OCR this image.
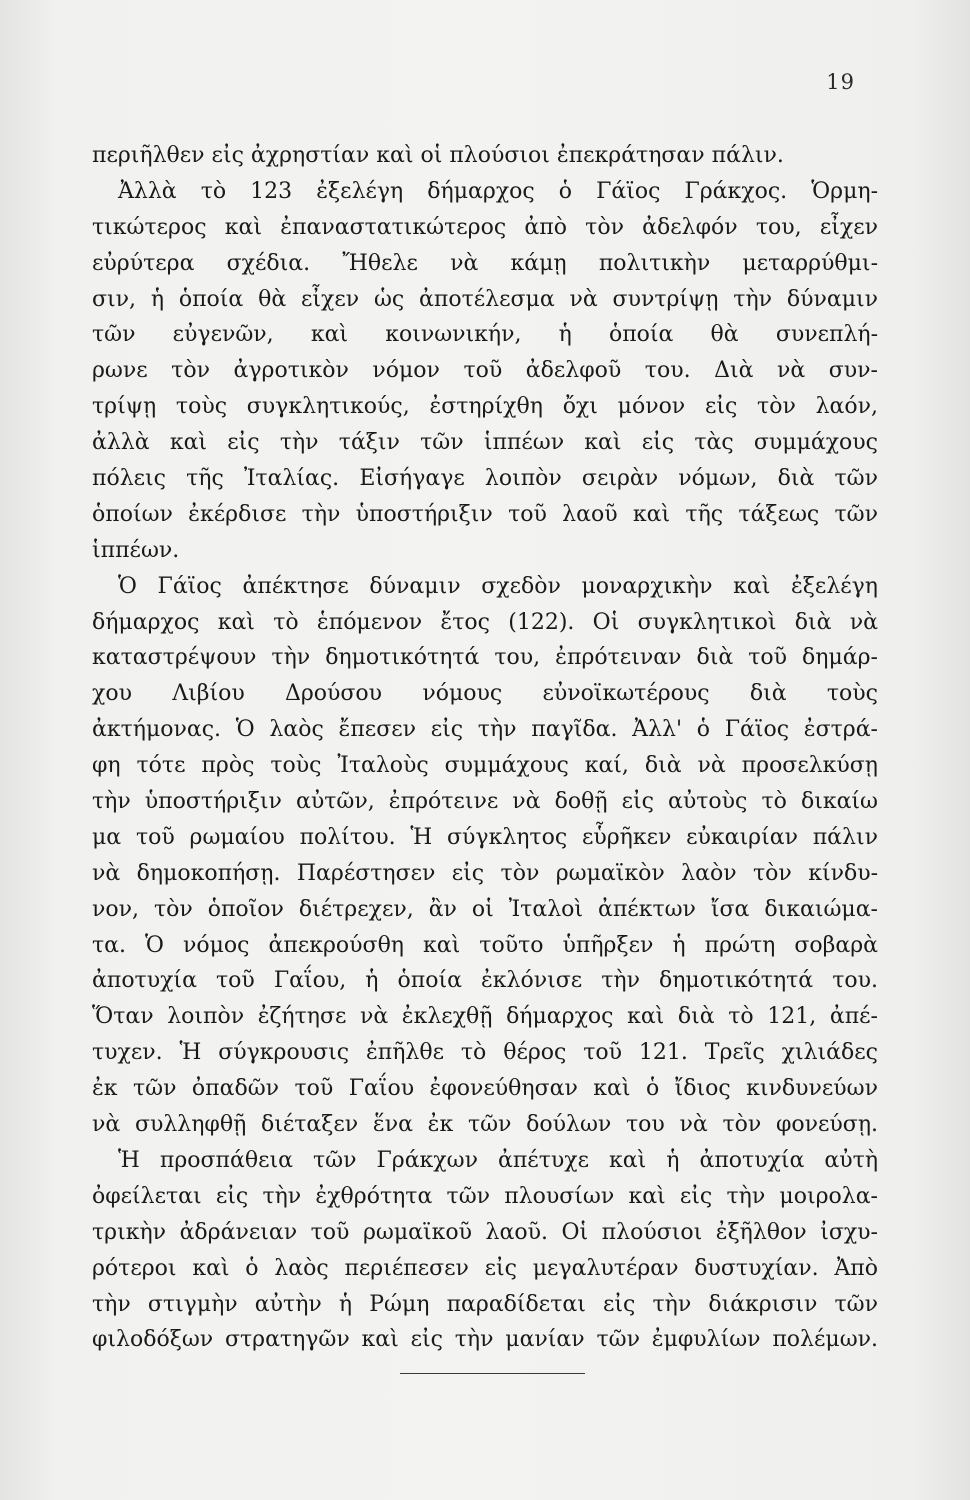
19
περιῆλθεν εἰς ἀχρηστίαν καὶ οἱ πλούσιοι ἐπεκράτησαν πάλιν.
Ἀλλὰ τὸ 123 ἐξελέγη δήμαρχος ὁ Γάϊος Γράκχος. Ὁρμη-
τικώτερος καὶ ἐπαναστατικώτερος ἀπὸ τὸν ἀδελφόν του, εἶχεν
εὐρύτερα σχέδια. Ἤθελε νὰ κάμῃ πολιτικὴν μεταρρύθμι-
σιν, ἡ ὁποία θὰ εἶχεν ὡς ἀποτέλεσμα νὰ συντρίψῃ τὴν δύναμιν
τῶν εὐγενῶν, καὶ κοινωνικήν, ἡ ὁποία θὰ συνεπλή-
ρωνε τὸν ἀγροτικὸν νόμον τοῦ ἀδελφοῦ του. Διὰ νὰ συν-
τρίψῃ τοὺς συγκλητικούς, ἐστηρίχθη ὄχι μόνον εἰς τὸν λαόν,
ἀλλὰ καὶ εἰς τὴν τάξιν τῶν ἱππέων καὶ εἰς τὰς συμμάχους
πόλεις τῆς Ἰταλίας. Εἰσήγαγε λοιπὸν σειρὰν νόμων, διὰ τῶν
ὁποίων ἐκέρδισε τὴν ὑποστήριξιν τοῦ λαοῦ καὶ τῆς τάξεως τῶν
ἱππέων.
Ὁ Γάϊος ἀπέκτησε δύναμιν σχεδὸν μοναρχικὴν καὶ ἐξελέγη
δήμαρχος καὶ τὸ ἑπόμενον ἔτος (122). Οἱ συγκλητικοὶ διὰ νὰ
καταστρέψουν τὴν δημοτικότητά του, ἐπρότειναν διὰ τοῦ δημάρ-
χου Λιβίου Δρούσου νόμους εὐνοϊκωτέρους διὰ τοὺς
ἀκτήμονας. Ὁ λαὸς ἔπεσεν εἰς τὴν παγῖδα. Ἀλλ' ὁ Γάϊος ἐστρά-
φη τότε πρὸς τοὺς Ἰταλοὺς συμμάχους καί, διὰ νὰ προσελκύσῃ
τὴν ὑποστήριξιν αὐτῶν, ἐπρότεινε νὰ δοθῇ εἰς αὐτοὺς τὸ δικαίω
μα τοῦ ρωμαίου πολίτου. Ἡ σύγκλητος εὗρῆκεν εὐκαιρίαν πάλιν
νὰ δημοκοπήσῃ. Παρέστησεν εἰς τὸν ρωμαϊκὸν λαὸν τὸν κίνδυ-
νον, τὸν ὁποῖον διέτρεχεν, ἂν οἱ Ἰταλοὶ ἀπέκτων ἴσα δικαιώμα-
τα. Ὁ νόμος ἀπεκρούσθη καὶ τοῦτο ὑπῆρξεν ἡ πρώτη σοβαρὰ
ἀποτυχία τοῦ Γαΐου, ἡ ὁποία ἐκλόνισε τὴν δημοτικότητά του.
Ὅταν λοιπὸν ἐζήτησε νὰ ἐκλεχθῇ δήμαρχος καὶ διὰ τὸ 121, ἀπέ-
τυχεν. Ἡ σύγκρουσις ἐπῆλθε τὸ θέρος τοῦ 121. Τρεῖς χιλιάδες
ἐκ τῶν ὀπαδῶν τοῦ Γαΐου ἐφονεύθησαν καὶ ὁ ἴδιος κινδυνεύων
νὰ συλληφθῇ διέταξεν ἕνα ἐκ τῶν δούλων του νὰ τὸν φονεύσῃ.
Ἡ προσπάθεια τῶν Γράκχων ἀπέτυχε καὶ ἡ ἀποτυχία αὐτὴ
ὀφείλεται εἰς τὴν ἐχθρότητα τῶν πλουσίων καὶ εἰς τὴν μοιρολα-
τρικὴν ἀδράνειαν τοῦ ρωμαϊκοῦ λαοῦ. Οἱ πλούσιοι ἐξῆλθον ἰσχυ-
ρότεροι καὶ ὁ λαὸς περιέπεσεν εἰς μεγαλυτέραν δυστυχίαν. Ἀπὸ
τὴν στιγμὴν αὐτὴν ἡ Ρώμη παραδίδεται εἰς τὴν διάκρισιν τῶν
φιλοδόξων στρατηγῶν καὶ εἰς τὴν μανίαν τῶν ἐμφυλίων πολέμων.
